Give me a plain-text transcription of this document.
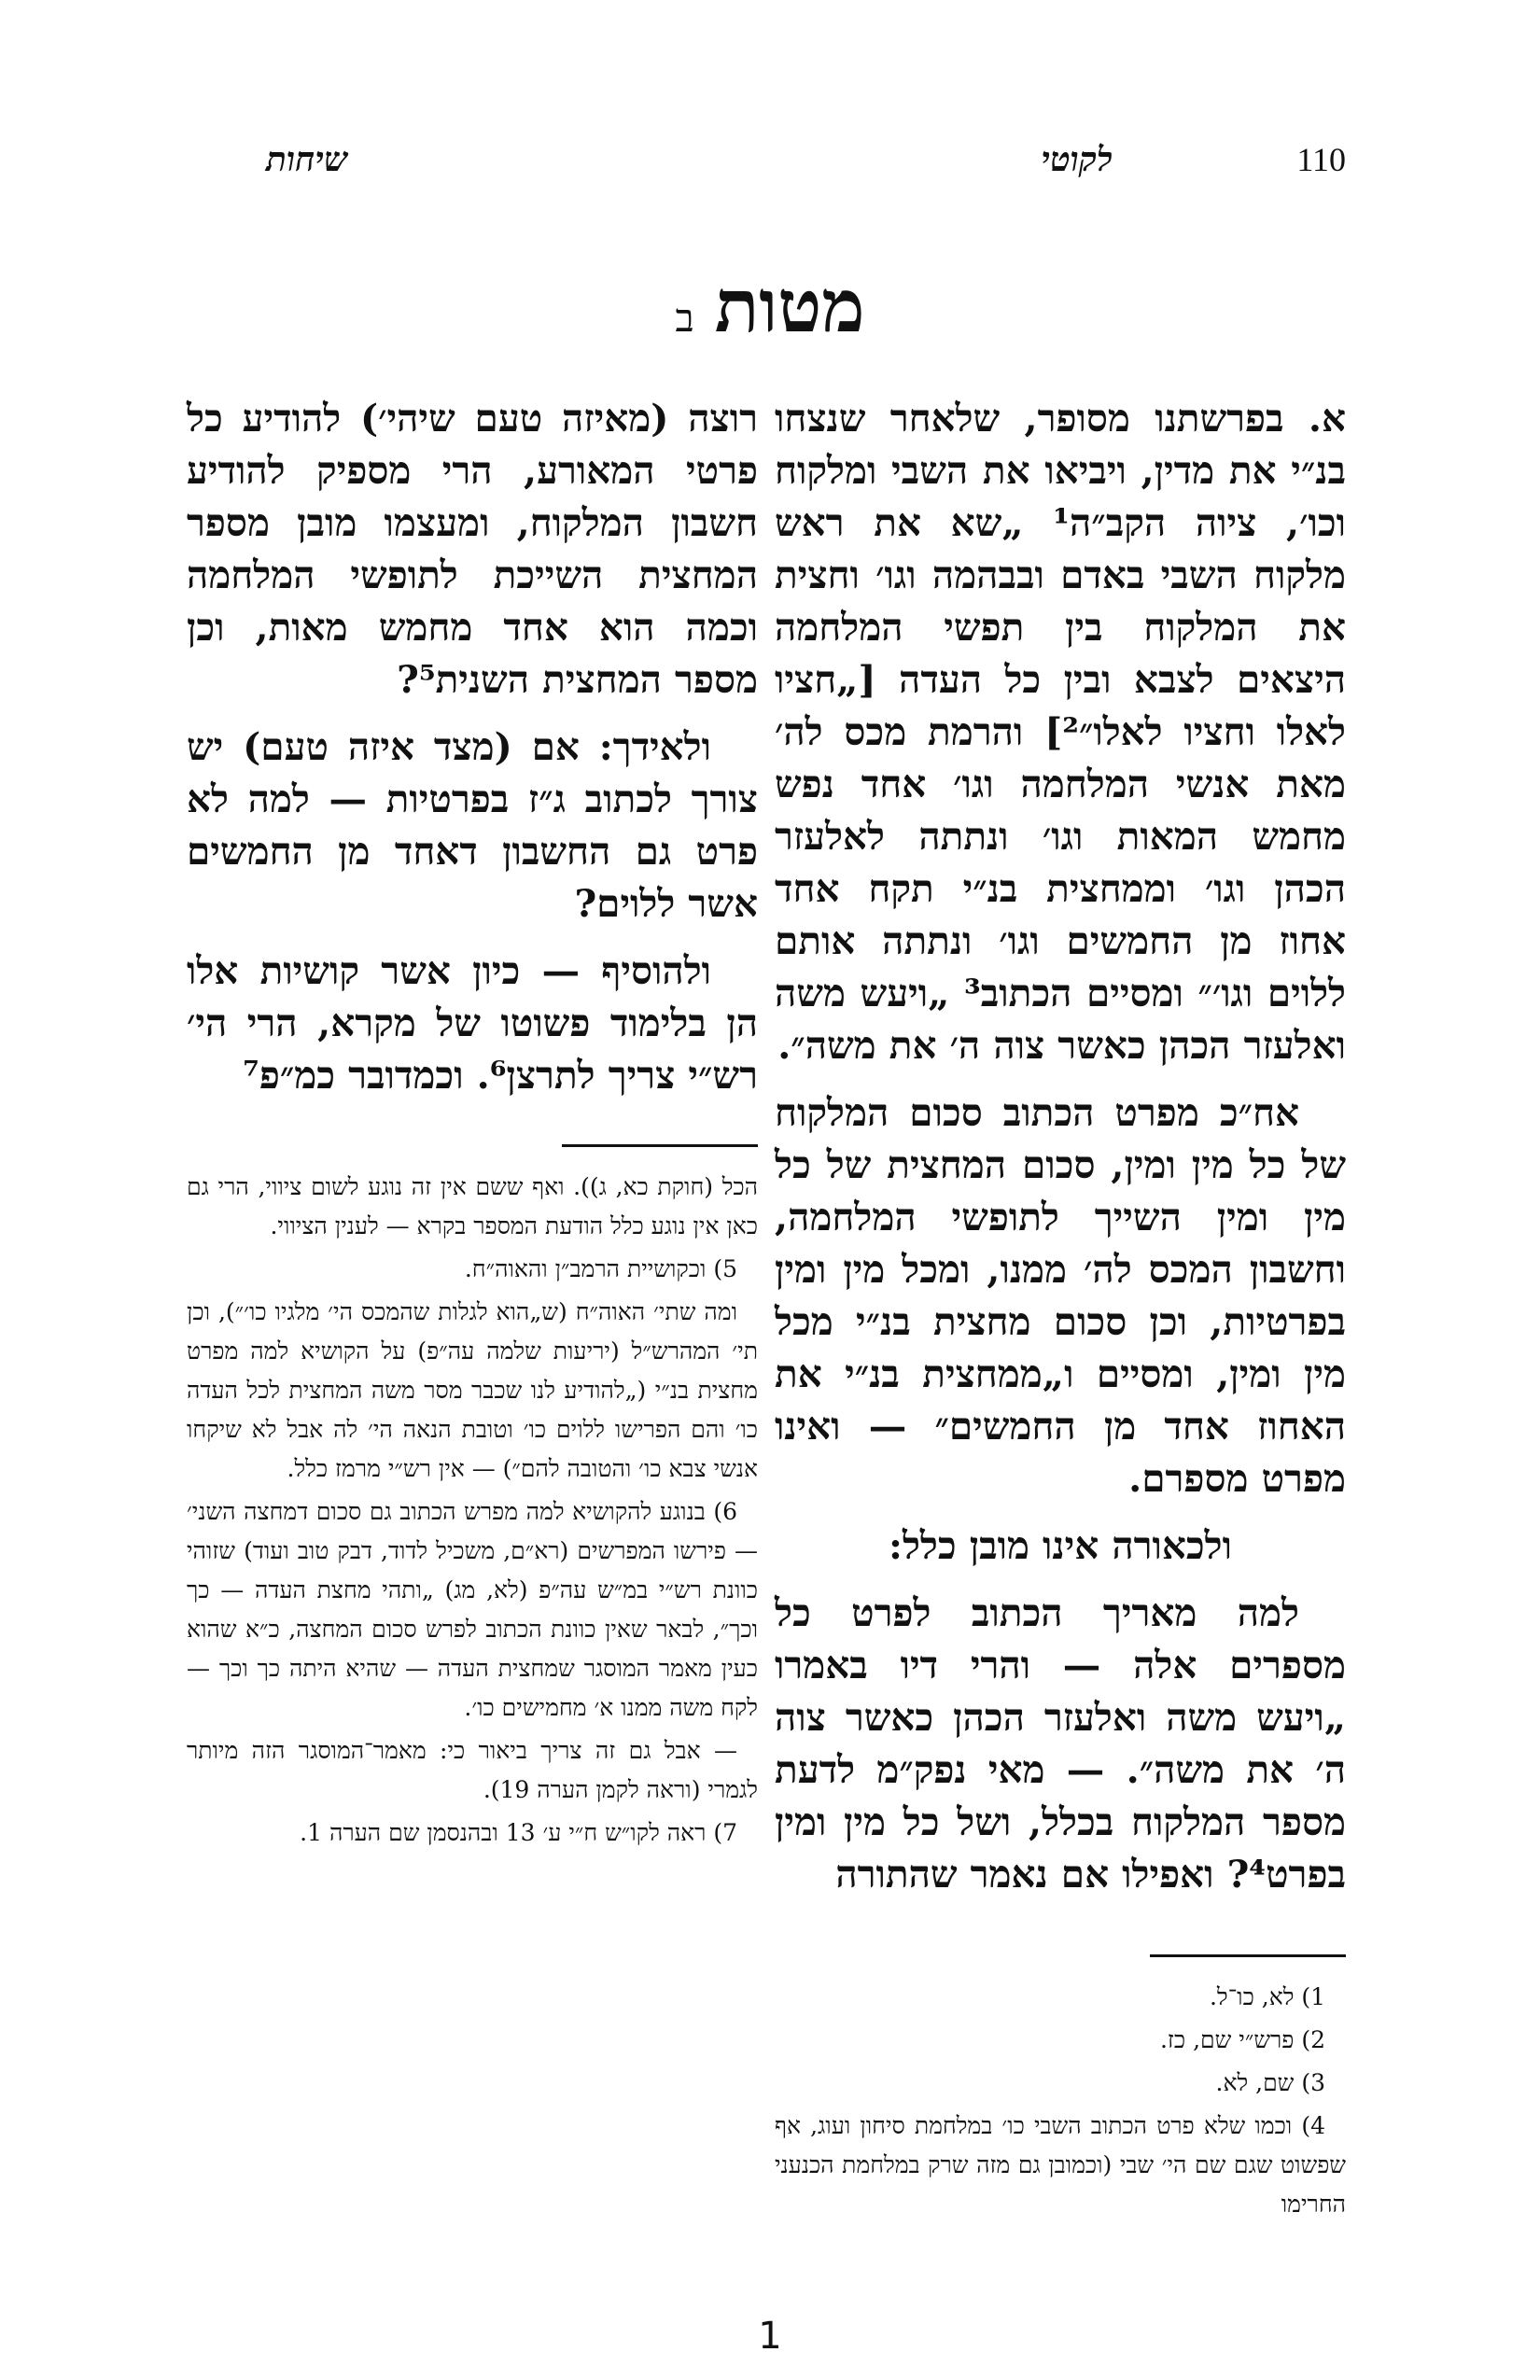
110
לקוטי
שיחות
מטותב

א. בפרשתנו מסופר, שלאחר שנצחו בנ״י את מדין, ויביאו את השבי ומלקוח וכו׳, ציוה הקב״ה¹ „שא את ראש מלקוח השבי באדם ובבהמה וגו׳ וחצית את המלקוח בין תפשי המלחמה היצאים לצבא ובין כל העדה [„חציו לאלו וחציו לאלו״²] והרמת מכס לה׳ מאת אנשי המלחמה וגו׳ אחד נפש מחמש המאות וגו׳ ונתתה לאלעזר הכהן וגו׳ וממחצית בנ״י תקח אחד אחוז מן החמשים וגו׳ ונתתה אותם ללוים וגו׳״ ומסיים הכתוב³ „ויעש משה ואלעזר הכהן כאשר צוה ה׳ את משה״.

אח״כ מפרט הכתוב סכום המלקוח של כל מין ומין, סכום המחצית של כל מין ומין השייך לתופשי המלחמה, וחשבון המכס לה׳ ממנו, ומכל מין ומין בפרטיות, וכן סכום מחצית בנ״י מכל מין ומין, ומסיים ו„ממחצית בנ״י את האחוז אחד מן החמשים״ — ואינו מפרט מספרם.

ולכאורה אינו מובן כלל:

למה מאריך הכתוב לפרט כל מספרים אלה — והרי דיו באמרו „ויעש משה ואלעזר הכהן כאשר צוה ה׳ את משה״. — מאי נפק״מ לדעת מספר המלקוח בכלל, ושל כל מין ומין בפרט⁴? ואפילו אם נאמר שהתורה

1) לא, כו־ל.

2) פרש״י שם, כז.

3) שם, לא.

4) וכמו שלא פרט הכתוב השבי כו׳ במלחמת סיחון ועוג, אף שפשוט שגם שם הי׳ שבי (וכמובן גם מזה שרק במלחמת הכנעני החרימו

רוצה (מאיזה טעם שיהי׳) להודיע כל פרטי המאורע, הרי מספיק להודיע חשבון המלקוח, ומעצמו מובן מספר המחצית השייכת לתופשי המלחמה וכמה הוא אחד מחמש מאות, וכן מספר המחצית השנית⁵?

ולאידך: אם (מצד איזה טעם) יש צורך לכתוב ג״ז בפרטיות — למה לא פרט גם החשבון דאחד מן החמשים אשר ללוים?

ולהוסיף — כיון אשר קושיות אלו הן בלימוד פשוטו של מקרא, הרי הי׳ רש״י צריך לתרצן⁶. וכמדובר כמ״פ⁷

הכל (חוקת כא, ג)). ואף ששם אין זה נוגע לשום ציווי, הרי גם כאן אין נוגע כלל הודעת המספר בקרא — לענין הציווי.

5) וכקושיית הרמב״ן והאוה״ח.

ומה שתי׳ האוה״ח (ש„הוא לגלות שהמכס הי׳ מלגיו כו׳״), וכן תי׳ המהרש״ל (יריעות שלמה עה״פ) על הקושיא למה מפרט מחצית בנ״י („להודיע לנו שכבר מסר משה המחצית לכל העדה כו׳ והם הפרישו ללוים כו׳ וטובת הנאה הי׳ לה אבל לא שיקחו אנשי צבא כו׳ והטובה להם״) — אין רש״י מרמז כלל.

6) בנוגע להקושיא למה מפרש הכתוב גם סכום דמחצה השני׳ — פירשו המפרשים (רא״ם, משכיל לדוד, דבק טוב ועוד) שזוהי כוונת רש״י במ״ש עה״פ (לא, מג) „ותהי מחצת העדה — כך וכך״, לבאר שאין כוונת הכתוב לפרש סכום המחצה, כ״א שהוא כעין מאמר המוסגר שמחצית העדה — שהיא היתה כך וכך — לקח משה ממנו א׳ מחמישים כו׳.

— אבל גם זה צריך ביאור כי: מאמר־המוסגר הזה מיותר לגמרי (וראה לקמן הערה 19).

7) ראה לקו״ש ח״י ע׳ 13 ובהנסמן שם הערה 1.

1
